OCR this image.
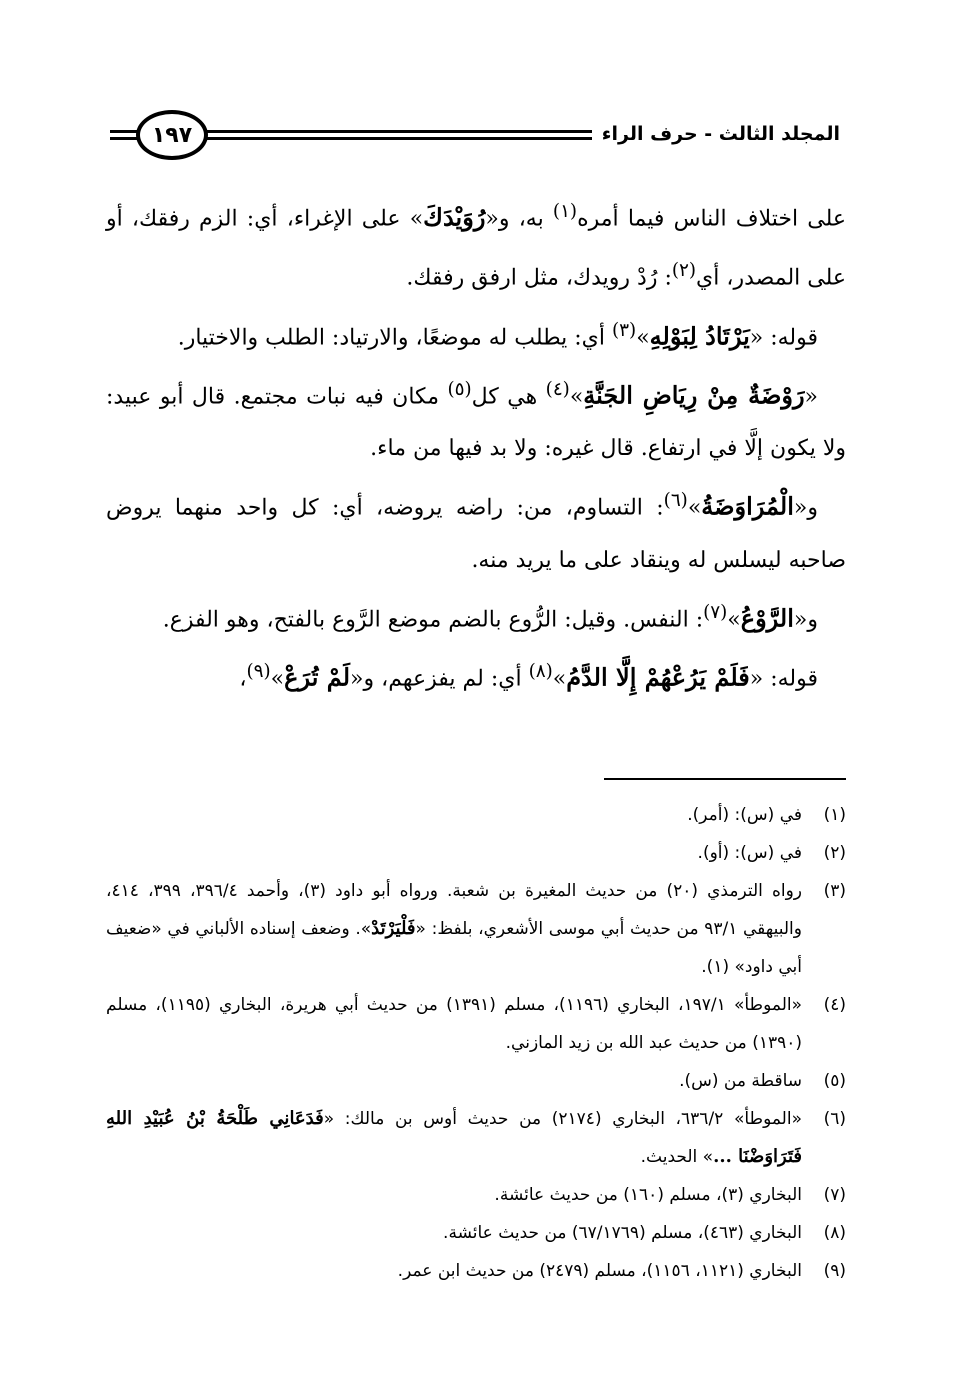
المجلد الثالث - حرف الراء
١٩٧

على اختلاف الناس فيما أمره$^{(١)}$ به، و«رُوَيْدَكَ» على الإغراء، أي: الزم رفقك، أو على المصدر، أي$^{(٢)}$: رُدْ رويدك، مثل ارفق رفقك.

قوله: «يَرْتَادُ لِبَوْلِهِ»$^{(٣)}$ أي: يطلب له موضعًا، والارتياد: الطلب والاختيار.

«رَوْضَةٌ مِنْ رِيَاضِ الجَنَّةِ»$^{(٤)}$ هي كل$^{(٥)}$ مكان فيه نبات مجتمع. قال أبو عبيد: ولا يكون إلَّا في ارتفاع. قال غيره: ولا بد فيها من ماء.

و«الْمُرَاوَضَةُ»$^{(٦)}$: التساوم، من: راضه يروضه، أي: كل واحد منهما يروض صاحبه ليسلس له وينقاد على ما يريد منه.

و«الرَّوْعُ»$^{(٧)}$: النفس. وقيل: الرُّوع بالضم موضع الرَّوع بالفتح، وهو الفزع.

قوله: «فَلَمْ يَرُعْهُمْ إِلَّا الدَّمُ»$^{(٨)}$ أي: لم يفزعهم، و«لَمْ تُرَعْ»$^{(٩)}$،

(١)
في (س): (أمر).
(٢)
في (س): (أو).
(٣)
رواه الترمذي (٢٠) من حديث المغيرة بن شعبة. ورواه أبو داود (٣)، وأحمد ٣٩٦/٤، ٣٩٩، ٤١٤، والبيهقي ٩٣/١ من حديث أبي موسى الأشعري، بلفظ: «فَلْيَرْتَدْ». وضعف إسناده الألباني في «ضعيف أبي داود» (١).
(٤)
«الموطأ» ١٩٧/١، البخاري (١١٩٦)، مسلم (١٣٩١) من حديث أبي هريرة، البخاري (١١٩٥)، مسلم (١٣٩٠) من حديث عبد الله بن زيد المازني.
(٥)
ساقطة من (س).
(٦)
«الموطأ» ٦٣٦/٢، البخاري (٢١٧٤) من حديث أوس بن مالك: «فَدَعَانِي طَلْحَةُ بْنُ عُبَيْدِ اللهِ فَتَرَاوَضْنَا ...» الحديث.
(٧)
البخاري (٣)، مسلم (١٦٠) من حديث عائشة.
(٨)
البخاري (٤٦٣)، مسلم (٦٧/١٧٦٩) من حديث عائشة.
(٩)
البخاري (١١٢١، ١١٥٦)، مسلم (٢٤٧٩) من حديث ابن عمر.
